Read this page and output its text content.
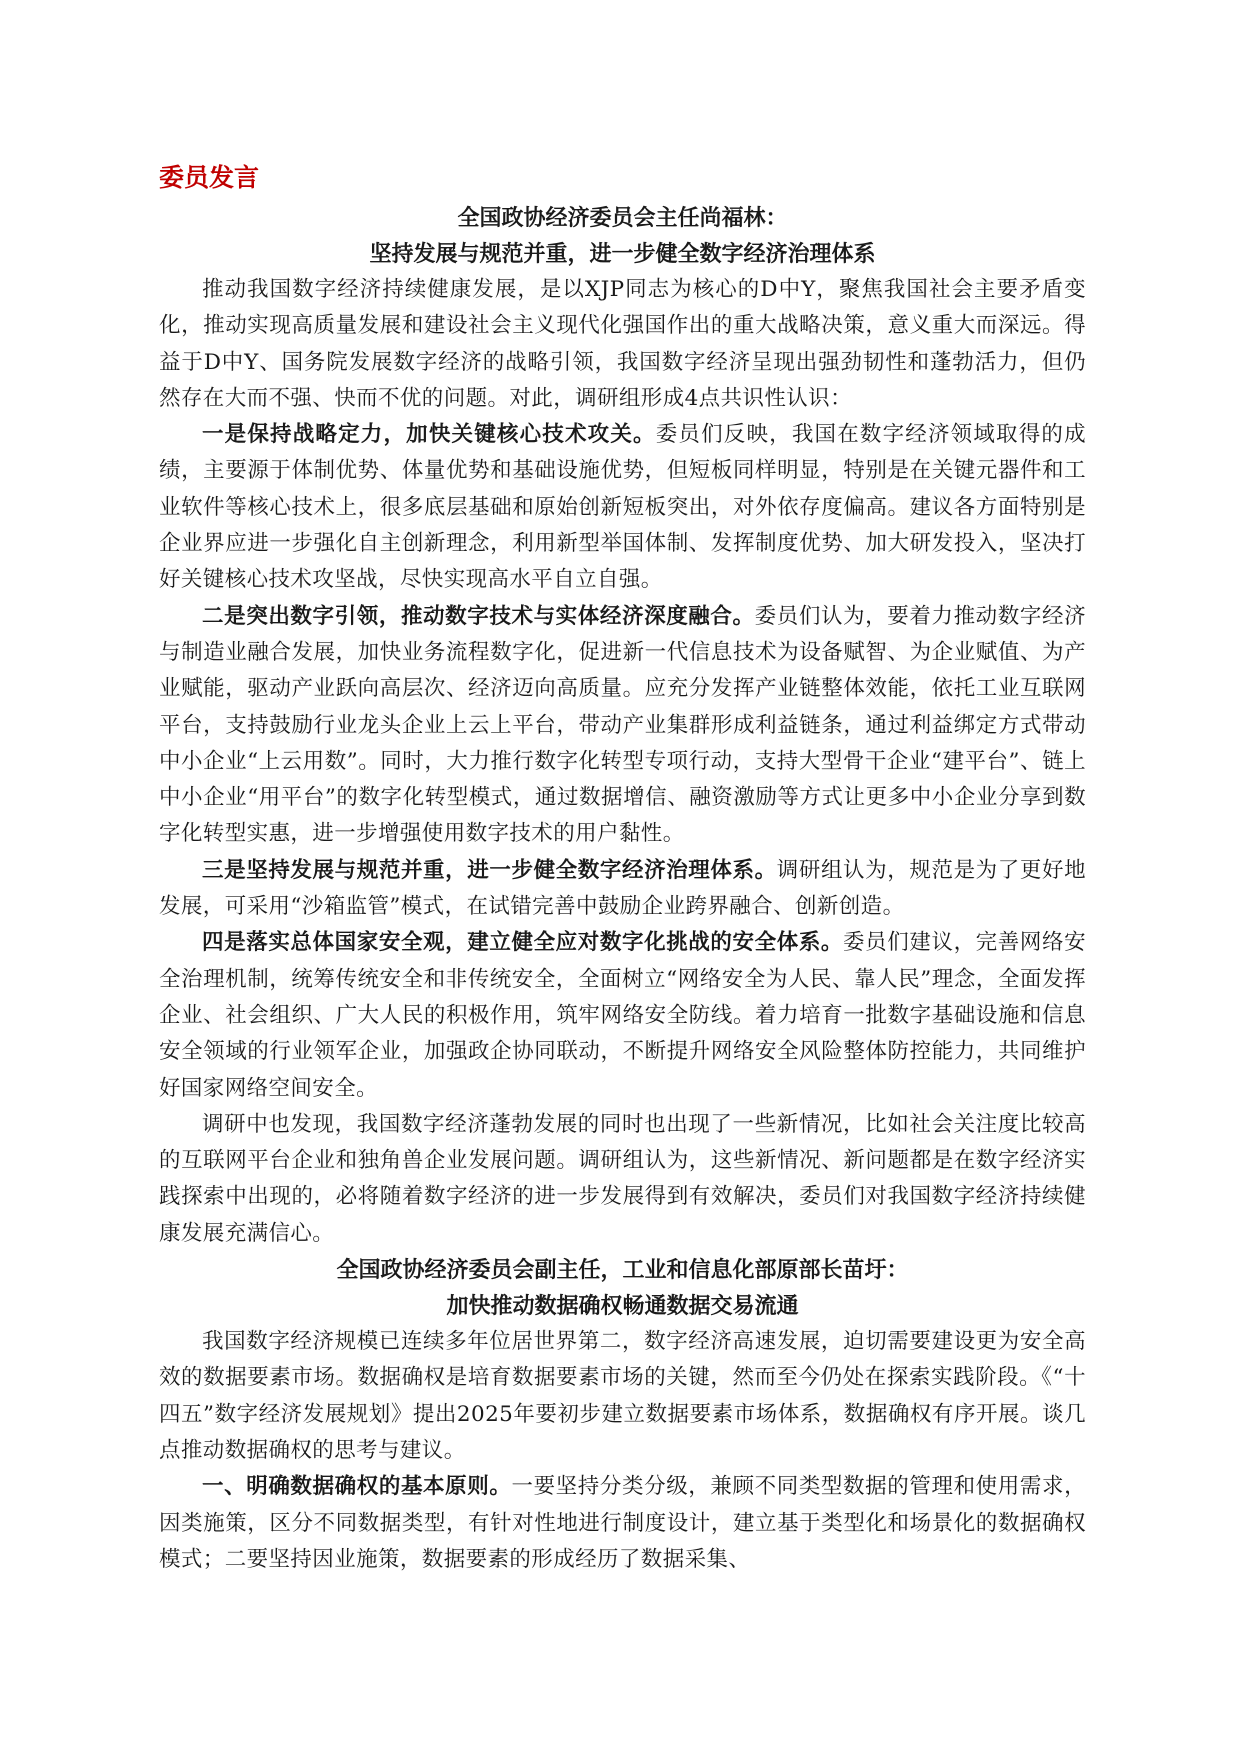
委员发言
全国政协经济委员会主任尚福林：
坚持发展与规范并重，进一步健全数字经济治理体系

推动我国数字经济持续健康发展，是以XJP同志为核心的D中Y，聚焦我国社会主要矛盾变化，推动实现高质量发展和建设社会主义现代化强国作出的重大战略决策，意义重大而深远。得益于D中Y、国务院发展数字经济的战略引领，我国数字经济呈现出强劲韧性和蓬勃活力，但仍然存在大而不强、快而不优的问题。对此，调研组形成4点共识性认识：

一是保持战略定力，加快关键核心技术攻关。委员们反映，我国在数字经济领域取得的成绩，主要源于体制优势、体量优势和基础设施优势，但短板同样明显，特别是在关键元器件和工业软件等核心技术上，很多底层基础和原始创新短板突出，对外依存度偏高。建议各方面特别是企业界应进一步强化自主创新理念，利用新型举国体制、发挥制度优势、加大研发投入，坚决打好关键核心技术攻坚战，尽快实现高水平自立自强。

二是突出数字引领，推动数字技术与实体经济深度融合。委员们认为，要着力推动数字经济与制造业融合发展，加快业务流程数字化，促进新一代信息技术为设备赋智、为企业赋值、为产业赋能，驱动产业跃向高层次、经济迈向高质量。应充分发挥产业链整体效能，依托工业互联网平台，支持鼓励行业龙头企业上云上平台，带动产业集群形成利益链条，通过利益绑定方式带动中小企业“上云用数”。同时，大力推行数字化转型专项行动，支持大型骨干企业“建平台”、链上中小企业“用平台”的数字化转型模式，通过数据增信、融资激励等方式让更多中小企业分享到数字化转型实惠，进一步增强使用数字技术的用户黏性。

三是坚持发展与规范并重，进一步健全数字经济治理体系。调研组认为，规范是为了更好地发展，可采用“沙箱监管”模式，在试错完善中鼓励企业跨界融合、创新创造。

四是落实总体国家安全观，建立健全应对数字化挑战的安全体系。委员们建议，完善网络安全治理机制，统筹传统安全和非传统安全，全面树立“网络安全为人民、靠人民”理念，全面发挥企业、社会组织、广大人民的积极作用，筑牢网络安全防线。着力培育一批数字基础设施和信息安全领域的行业领军企业，加强政企协同联动，不断提升网络安全风险整体防控能力，共同维护好国家网络空间安全。

调研中也发现，我国数字经济蓬勃发展的同时也出现了一些新情况，比如社会关注度比较高的互联网平台企业和独角兽企业发展问题。调研组认为，这些新情况、新问题都是在数字经济实践探索中出现的，必将随着数字经济的进一步发展得到有效解决，委员们对我国数字经济持续健康发展充满信心。

全国政协经济委员会副主任，工业和信息化部原部长苗圩：
加快推动数据确权畅通数据交易流通

我国数字经济规模已连续多年位居世界第二，数字经济高速发展，迫切需要建设更为安全高效的数据要素市场。数据确权是培育数据要素市场的关键，然而至今仍处在探索实践阶段。《“十四五”数字经济发展规划》提出2025年要初步建立数据要素市场体系，数据确权有序开展。谈几点推动数据确权的思考与建议。

一、明确数据确权的基本原则。一要坚持分类分级，兼顾不同类型数据的管理和使用需求，因类施策，区分不同数据类型，有针对性地进行制度设计，建立基于类型化和场景化的数据确权模式；二要坚持因业施策，数据要素的形成经历了数据采集、
